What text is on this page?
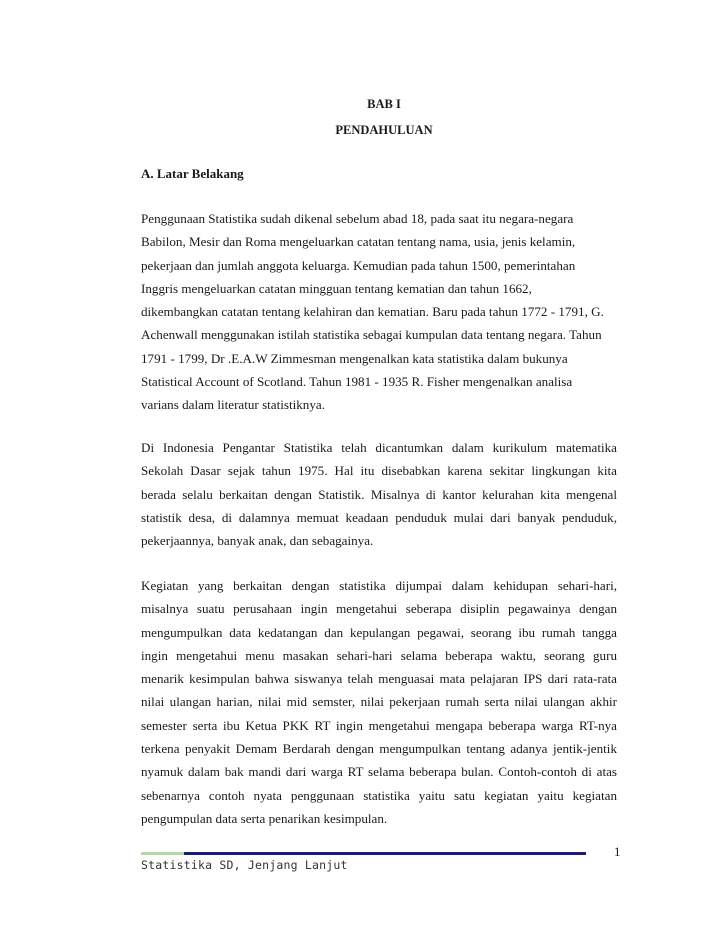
BAB I
PENDAHULUAN
A. Latar Belakang
Penggunaan Statistika sudah dikenal sebelum abad 18, pada saat itu negara-negara
Babilon, Mesir dan Roma mengeluarkan catatan tentang nama, usia, jenis kelamin,
pekerjaan dan jumlah anggota keluarga. Kemudian pada tahun 1500, pemerintahan
Inggris mengeluarkan catatan mingguan tentang kematian dan tahun 1662,
dikembangkan catatan tentang kelahiran dan kematian. Baru pada tahun 1772 - 1791, G.
Achenwall menggunakan istilah statistika sebagai kumpulan data tentang negara. Tahun
1791 - 1799, Dr .E.A.W Zimmesman mengenalkan kata statistika dalam bukunya
Statistical Account of Scotland. Tahun 1981 - 1935 R. Fisher mengenalkan analisa
varians dalam literatur statistiknya.
Di Indonesia Pengantar Statistika telah dicantumkan dalam kurikulum matematika
Sekolah Dasar sejak tahun 1975. Hal itu disebabkan karena sekitar lingkungan kita
berada selalu berkaitan dengan Statistik. Misalnya di kantor kelurahan kita mengenal
statistik desa, di dalamnya memuat keadaan penduduk mulai dari banyak penduduk,
pekerjaannya, banyak anak, dan sebagainya.
Kegiatan yang berkaitan dengan statistika dijumpai dalam kehidupan sehari-hari,
misalnya suatu perusahaan ingin mengetahui seberapa disiplin pegawainya dengan
mengumpulkan data kedatangan dan kepulangan pegawai, seorang ibu rumah tangga
ingin mengetahui menu masakan sehari-hari selama beberapa waktu, seorang guru
menarik kesimpulan bahwa siswanya telah menguasai mata pelajaran IPS dari rata-rata
nilai ulangan harian, nilai mid semster, nilai pekerjaan rumah serta nilai ulangan akhir
semester serta ibu Ketua PKK RT ingin mengetahui mengapa beberapa warga RT-nya
terkena penyakit Demam Berdarah dengan mengumpulkan tentang adanya jentik-jentik
nyamuk dalam bak mandi dari warga RT selama beberapa bulan. Contoh-contoh di atas
sebenarnya contoh nyata penggunaan statistika yaitu satu kegiatan yaitu kegiatan
pengumpulan data serta penarikan kesimpulan.
1
Statistika SD, Jenjang Lanjut
